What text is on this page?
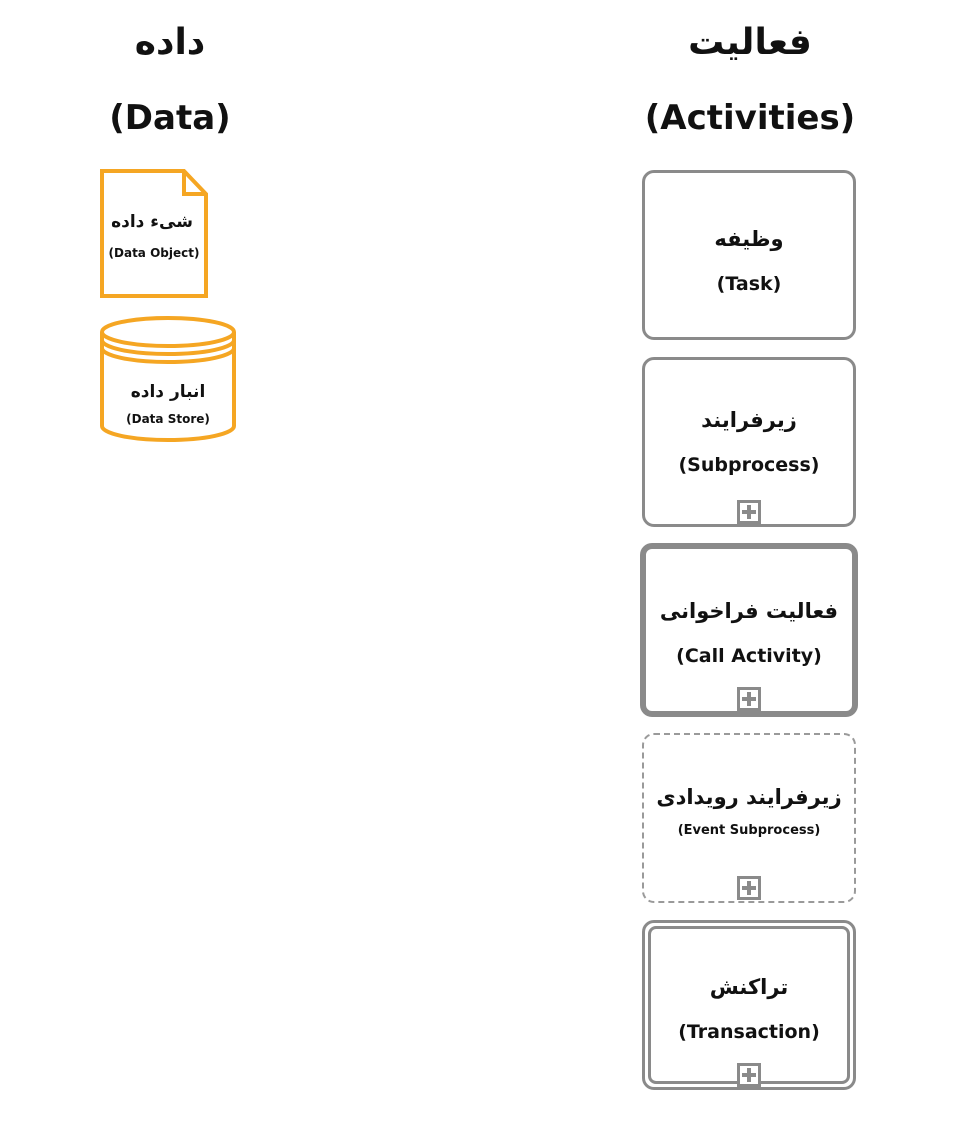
داده
(Data)
فعالیت
(Activities)
شیء داده
(Data Object)
انبار داده
(Data Store)
وظیفه
(Task)
زیرفرایند
(Subprocess)
فعالیت فراخوانی
(Call Activity)
زیرفرایند رویدادی
(Event Subprocess)
تراکنش
(Transaction)
